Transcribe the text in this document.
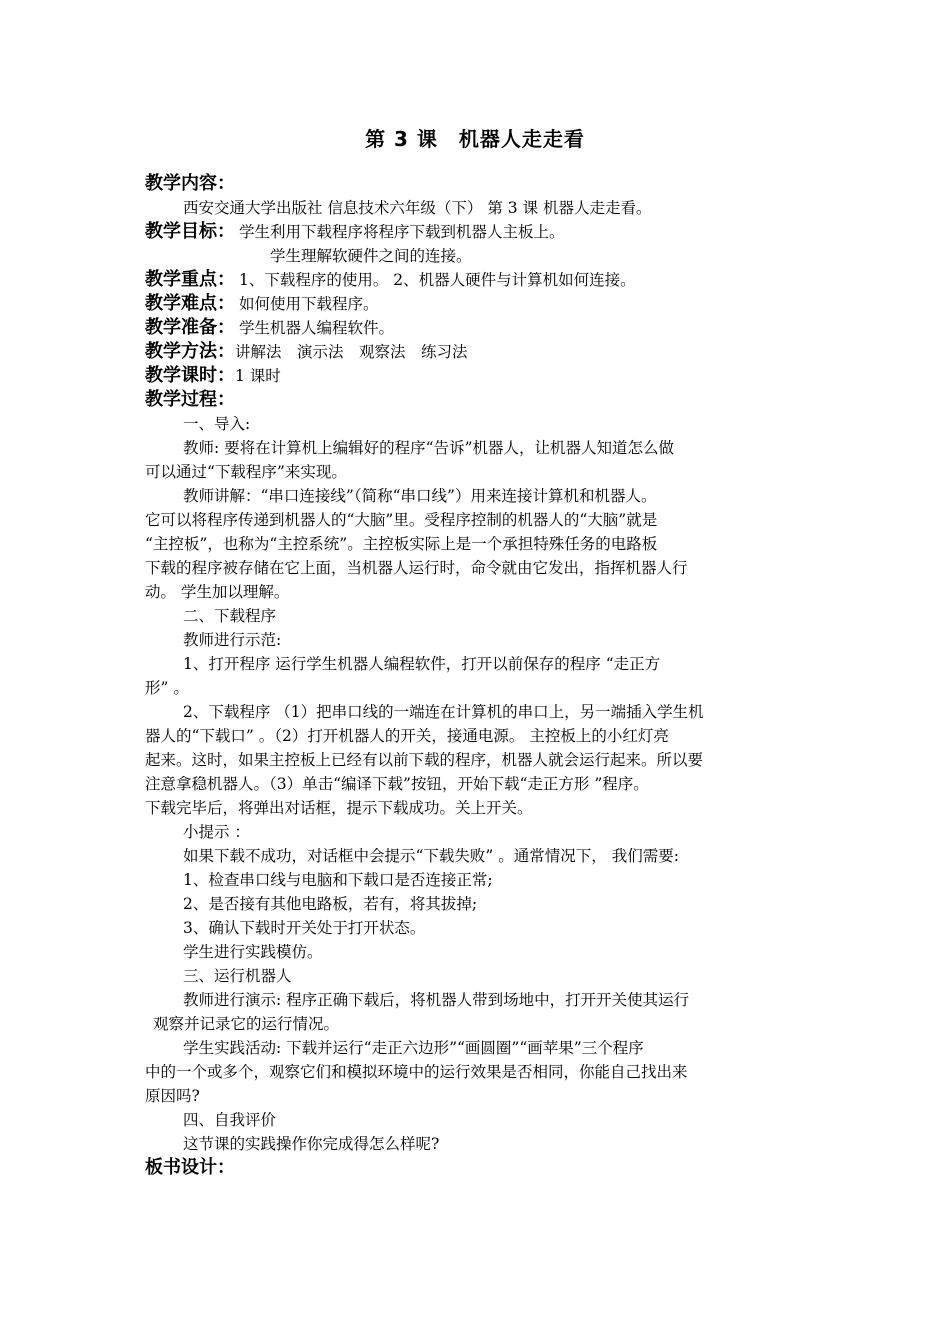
第 3 课　机器人走走看
教学内容：
西安交通大学出版社 信息技术六年级（下） 第 3 课 机器人走走看。
教学目标： 学生利用下载程序将程序下载到机器人主板上。
学生理解软硬件之间的连接。
教学重点： 1、下载程序的使用。 2、机器人硬件与计算机如何连接。
教学难点： 如何使用下载程序。
教学准备： 学生机器人编程软件。
教学方法：讲解法　演示法　观察法　练习法
教学课时：1 课时
教学过程：
一、导入:
教师: 要将在计算机上编辑好的程序“告诉”机器人，让机器人知道怎么做
可以通过“下载程序”来实现。
教师讲解：“串口连接线”（简称“串口线”）用来连接计算机和机器人。
它可以将程序传递到机器人的“大脑”里。受程序控制的机器人的“大脑”就是
“主控板”，也称为“主控系统”。主控板实际上是一个承担特殊任务的电路板
下载的程序被存储在它上面，当机器人运行时，命令就由它发出，指挥机器人行
动。 学生加以理解。
二、下载程序
教师进行示范:
1、打开程序 运行学生机器人编程软件，打开以前保存的程序 “走正方
形” 。
2、下载程序 （1）把串口线的一端连在计算机的串口上，另一端插入学生机
器人的“下载口” 。（2）打开机器人的开关，接通电源。 主控板上的小红灯亮
起来。这时，如果主控板上已经有以前下载的程序，机器人就会运行起来。所以要
注意拿稳机器人。（3）单击“编译下载”按钮，开始下载“走正方形 ”程序。
下载完毕后，将弹出对话框，提示下载成功。关上开关。
小提示 ：
如果下载不成功，对话框中会提示“下载失败” 。通常情况下， 我们需要:
1、检查串口线与电脑和下载口是否连接正常;
2、是否接有其他电路板，若有，将其拔掉;
3、确认下载时开关处于打开状态。
学生进行实践模仿。
三、运行机器人
教师进行演示: 程序正确下载后，将机器人带到场地中，打开开关使其运行
观察并记录它的运行情况。
学生实践活动: 下载并运行“走正六边形”“画圆圈”“画苹果”三个程序
中的一个或多个，观察它们和模拟环境中的运行效果是否相同，你能自己找出来
原因吗?
四、自我评价
这节课的实践操作你完成得怎么样呢?
板书设计：
